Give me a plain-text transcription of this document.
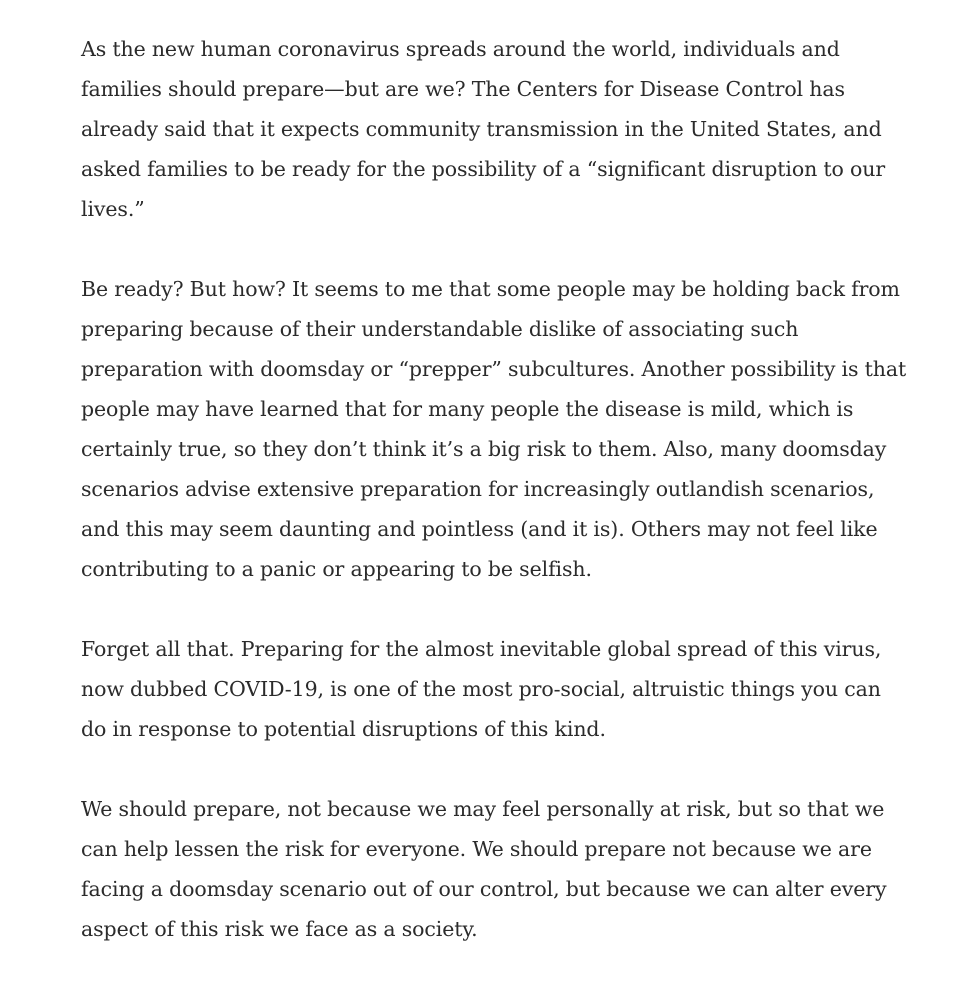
As the new human coronavirus spreads around the world, individuals and families should prepare—but are we? The Centers for Disease Control has already said that it expects community transmission in the United States, and asked families to be ready for the possibility of a “significant disruption to our lives.”

Be ready? But how? It seems to me that some people may be holding back from preparing because of their understandable dislike of associating such preparation with doomsday or “prepper” subcultures. Another possibility is that people may have learned that for many people the disease is mild, which is certainly true, so they don’t think it’s a big risk to them. Also, many doomsday scenarios advise extensive preparation for increasingly outlandish scenarios, and this may seem daunting and pointless (and it is). Others may not feel like contributing to a panic or appearing to be selfish.

Forget all that. Preparing for the almost inevitable global spread of this virus, now dubbed COVID-19, is one of the most pro-social, altruistic things you can do in response to potential disruptions of this kind.

We should prepare, not because we may feel personally at risk, but so that we can help lessen the risk for everyone. We should prepare not because we are facing a doomsday scenario out of our control, but because we can alter every aspect of this risk we face as a society.
